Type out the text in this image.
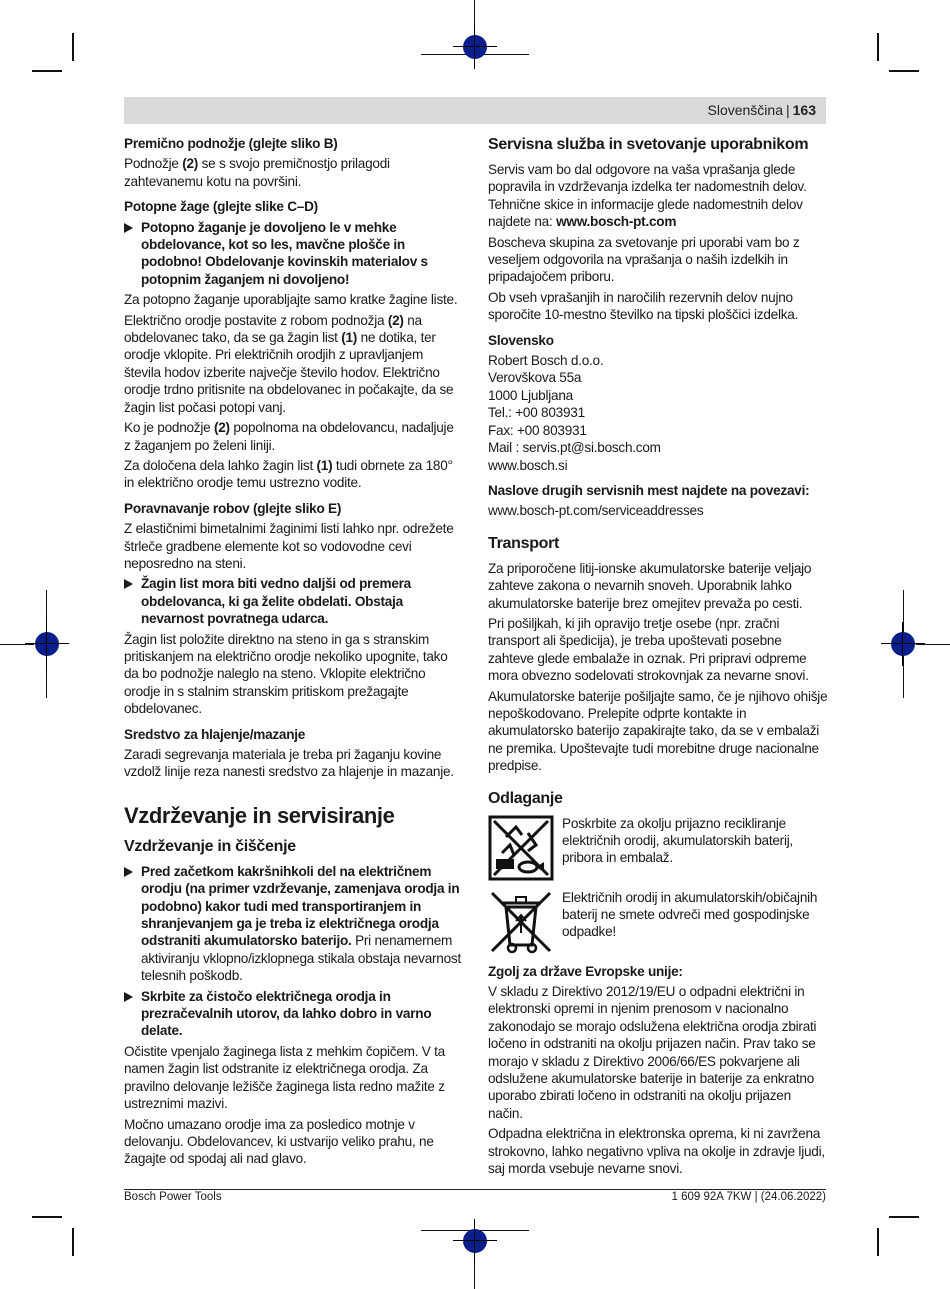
Slovenščina | 163
Premično podnožje (glejte sliko B)

Podnožje (2) se s svojo premičnostjo prilagodi zahtevanemu kotu na površini.

Potopne žage (glejte slike C–D)
Potopno žaganje je dovoljeno le v mehke obdelovance, kot so les, mavčne plošče in podobno! Obdelovanje kovinskih materialov s potopnim žaganjem ni dovoljeno!

Za potopno žaganje uporabljajte samo kratke žagine liste.

Električno orodje postavite z robom podnožja (2) na obdelovanec tako, da se ga žagin list (1) ne dotika, ter orodje vklopite. Pri električnih orodjih z upravljanjem števila hodov izberite največje število hodov. Električno orodje trdno pritisnite na obdelovanec in počakajte, da se žagin list počasi potopi vanj.

Ko je podnožje (2) popolnoma na obdelovancu, nadaljuje z žaganjem po želeni liniji.

Za določena dela lahko žagin list (1) tudi obrnete za 180° in električno orodje temu ustrezno vodite.

Poravnavanje robov (glejte sliko E)

Z elastičnimi bimetalnimi žaginimi listi lahko npr. odrežete štrleče gradbene elemente kot so vodovodne cevi neposredno na steni.

Žagin list mora biti vedno daljši od premera obdelovanca, ki ga želite obdelati. Obstaja nevarnost povratnega udarca.

Žagin list položite direktno na steno in ga s stranskim pritiskanjem na električno orodje nekoliko upognite, tako da bo podnožje naleglo na steno. Vklopite električno orodje in s stalnim stranskim pritiskom prežagajte obdelovanec.

Sredstvo za hlajenje/mazanje

Zaradi segrevanja materiala je treba pri žaganju kovine vzdolž linije reza nanesti sredstvo za hlajenje in mazanje.

Vzdrževanje in servisiranje
Vzdrževanje in čiščenje
Pred začetkom kakršnihkoli del na električnem orodju (na primer vzdrževanje, zamenjava orodja in podobno) kakor tudi med transportiranjem in shranjevanjem ga je treba iz električnega orodja odstraniti akumulatorsko baterijo. Pri nenamernem aktiviranju vklopno/izklopnega stikala obstaja nevarnost telesnih poškodb.
Skrbite za čistočo električnega orodja in prezračevalnih utorov, da lahko dobro in varno delate.

Očistite vpenjalo žaginega lista z mehkim čopičem. V ta namen žagin list odstranite iz električnega orodja. Za pravilno delovanje ležišče žaginega lista redno mažite z ustreznimi mazivi.

Močno umazano orodje ima za posledico motnje v delovanju. Obdelovancev, ki ustvarijo veliko prahu, ne žagajte od spodaj ali nad glavo.

Servisna služba in svetovanje uporabnikom

Servis vam bo dal odgovore na vaša vprašanja glede popravila in vzdrževanja izdelka ter nadomestnih delov. Tehnične skice in informacije glede nadomestnih delov najdete na: www.bosch-pt.com

Boscheva skupina za svetovanje pri uporabi vam bo z veseljem odgovorila na vprašanja o naših izdelkih in pripadajočem priboru.

Ob vseh vprašanjih in naročilih rezervnih delov nujno sporočite 10-mestno številko na tipski ploščici izdelka.

Slovensko
Robert Bosch d.o.o.
Verovškova 55a
1000 Ljubljana
Tel.: +00 803931
Fax: +00 803931
Mail : servis.pt@si.bosch.com
www.bosch.si
Naslove drugih servisnih mest najdete na povezavi:

www.bosch-pt.com/serviceaddresses

Transport

Za priporočene litij-ionske akumulatorske baterije veljajo zahteve zakona o nevarnih snoveh. Uporabnik lahko akumulatorske baterije brez omejitev prevaža po cesti.

Pri pošiljkah, ki jih opravijo tretje osebe (npr. zračni transport ali špedicija), je treba upoštevati posebne zahteve glede embalaže in oznak. Pri pripravi odpreme mora obvezno sodelovati strokovnjak za nevarne snovi.

Akumulatorske baterije pošiljajte samo, če je njihovo ohišje nepoškodovano. Prelepite odprte kontakte in akumulatorsko baterijo zapakirajte tako, da se v embalaži ne premika. Upoštevajte tudi morebitne druge nacionalne predpise.

Odlaganje
Poskrbite za okolju prijazno recikliranje električnih orodij, akumulatorskih baterij, pribora in embalaž.
Električnih orodij in akumulatorskih/običajnih baterij ne smete odvreči med gospodinjske odpadke!
Zgolj za države Evropske unije:

V skladu z Direktivo 2012/19/EU o odpadni električni in elektronski opremi in njenim prenosom v nacionalno zakonodajo se morajo odslužena električna orodja zbirati ločeno in odstraniti na okolju prijazen način. Prav tako se morajo v skladu z Direktivo 2006/66/ES pokvarjene ali odslužene akumulatorske baterije in baterije za enkratno uporabo zbirati ločeno in odstraniti na okolju prijazen način.

Odpadna električna in elektronska oprema, ki ni zavržena strokovno, lahko negativno vpliva na okolje in zdravje ljudi, saj morda vsebuje nevarne snovi.

Bosch Power Tools	1 609 92A 7KW | (24.06.2022)
